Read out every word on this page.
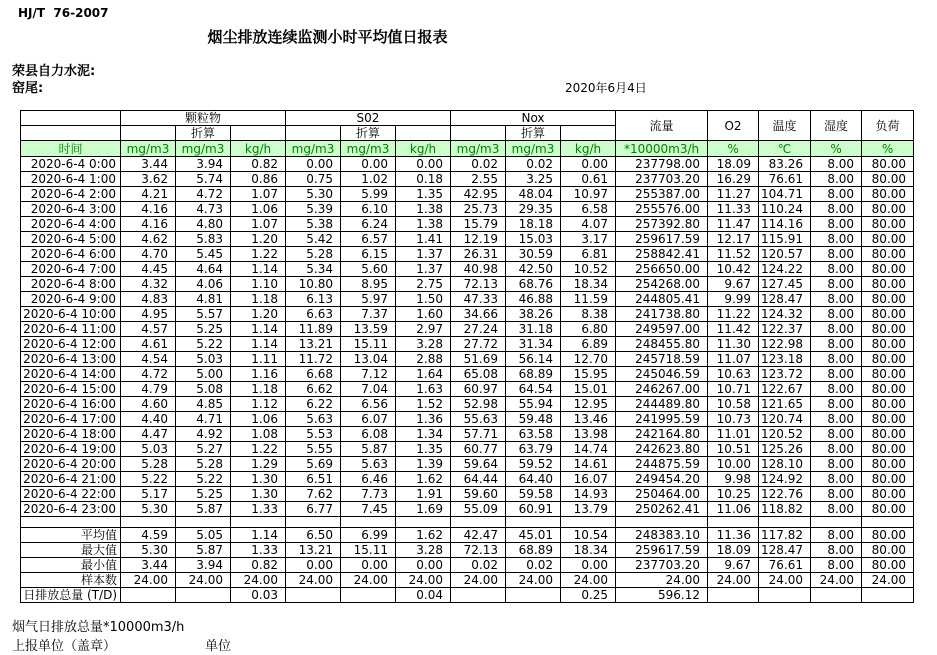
HJ/T  76-2007
烟尘排放连续监测小时平均值日报表
荣县自力水泥:
窑尾:	2020年6月4日
	颗粒物			S02			Nox			流量	O2	温度	湿度	负荷
		折算			折算			折算						
时间	mg/m3	mg/m3	kg/h	mg/m3	mg/m3	kg/h	mg/m3	mg/m3	kg/h	*10000m3/h	%	℃	%	%
2020-6-4 0:00	3.44	3.94	0.82	0.00	0.00	0.00	0.02	0.02	0.00	237798.00	18.09	83.26	8.00	80.00
2020-6-4 1:00	3.62	5.74	0.86	0.75	1.02	0.18	2.55	3.25	0.61	237703.20	16.29	76.61	8.00	80.00
2020-6-4 2:00	4.21	4.72	1.07	5.30	5.99	1.35	42.95	48.04	10.97	255387.00	11.27	104.71	8.00	80.00
2020-6-4 3:00	4.16	4.73	1.06	5.39	6.10	1.38	25.73	29.35	6.58	255576.00	11.33	110.24	8.00	80.00
2020-6-4 4:00	4.16	4.80	1.07	5.38	6.24	1.38	15.79	18.18	4.07	257392.80	11.47	114.16	8.00	80.00
2020-6-4 5:00	4.62	5.83	1.20	5.42	6.57	1.41	12.19	15.03	3.17	259617.59	12.17	115.91	8.00	80.00
2020-6-4 6:00	4.70	5.45	1.22	5.28	6.15	1.37	26.31	30.59	6.81	258842.41	11.52	120.57	8.00	80.00
2020-6-4 7:00	4.45	4.64	1.14	5.34	5.60	1.37	40.98	42.50	10.52	256650.00	10.42	124.22	8.00	80.00
2020-6-4 8:00	4.32	4.06	1.10	10.80	8.95	2.75	72.13	68.76	18.34	254268.00	9.67	127.45	8.00	80.00
2020-6-4 9:00	4.83	4.81	1.18	6.13	5.97	1.50	47.33	46.88	11.59	244805.41	9.99	128.47	8.00	80.00
2020-6-4 10:00	4.95	5.57	1.20	6.63	7.37	1.60	34.66	38.26	8.38	241738.80	11.22	124.32	8.00	80.00
2020-6-4 11:00	4.57	5.25	1.14	11.89	13.59	2.97	27.24	31.18	6.80	249597.00	11.42	122.37	8.00	80.00
2020-6-4 12:00	4.61	5.22	1.14	13.21	15.11	3.28	27.72	31.34	6.89	248455.80	11.30	122.98	8.00	80.00
2020-6-4 13:00	4.54	5.03	1.11	11.72	13.04	2.88	51.69	56.14	12.70	245718.59	11.07	123.18	8.00	80.00
2020-6-4 14:00	4.72	5.00	1.16	6.68	7.12	1.64	65.08	68.89	15.95	245046.59	10.63	123.72	8.00	80.00
2020-6-4 15:00	4.79	5.08	1.18	6.62	7.04	1.63	60.97	64.54	15.01	246267.00	10.71	122.67	8.00	80.00
2020-6-4 16:00	4.60	4.85	1.12	6.22	6.56	1.52	52.98	55.94	12.95	244489.80	10.58	121.65	8.00	80.00
2020-6-4 17:00	4.40	4.71	1.06	5.63	6.07	1.36	55.63	59.48	13.46	241995.59	10.73	120.74	8.00	80.00
2020-6-4 18:00	4.47	4.92	1.08	5.53	6.08	1.34	57.71	63.58	13.98	242164.80	11.01	120.52	8.00	80.00
2020-6-4 19:00	5.03	5.27	1.22	5.55	5.87	1.35	60.77	63.79	14.74	242623.80	10.51	125.26	8.00	80.00
2020-6-4 20:00	5.28	5.28	1.29	5.69	5.63	1.39	59.64	59.52	14.61	244875.59	10.00	128.10	8.00	80.00
2020-6-4 21:00	5.22	5.22	1.30	6.51	6.46	1.62	64.44	64.40	16.07	249454.20	9.98	124.92	8.00	80.00
2020-6-4 22:00	5.17	5.25	1.30	7.62	7.73	1.91	59.60	59.58	14.93	250464.00	10.25	122.76	8.00	80.00
2020-6-4 23:00	5.30	5.87	1.33	6.77	7.45	1.69	55.09	60.91	13.79	250262.41	11.06	118.82	8.00	80.00

平均值	4.59	5.05	1.14	6.50	6.99	1.62	42.47	45.01	10.54	248383.10	11.36	117.82	8.00	80.00

最大值	5.30	5.87	1.33	13.21	15.11	3.28	72.13	68.89	18.34	259617.59	18.09	128.47	8.00	80.00

最小值	3.44	3.94	0.82	0.00	0.00	0.00	0.02	0.02	0.00	237703.20	9.67	76.61	8.00	80.00

样本数	24.00	24.00	24.00	24.00	24.00	24.00	24.00	24.00	24.00	24.00	24.00	24.00	24.00	24.00

日排放总量 (T/D)			0.03			0.04			0.25	596.12				
烟气日排放总量*10000m3/h
上报单位（盖章）	单位
